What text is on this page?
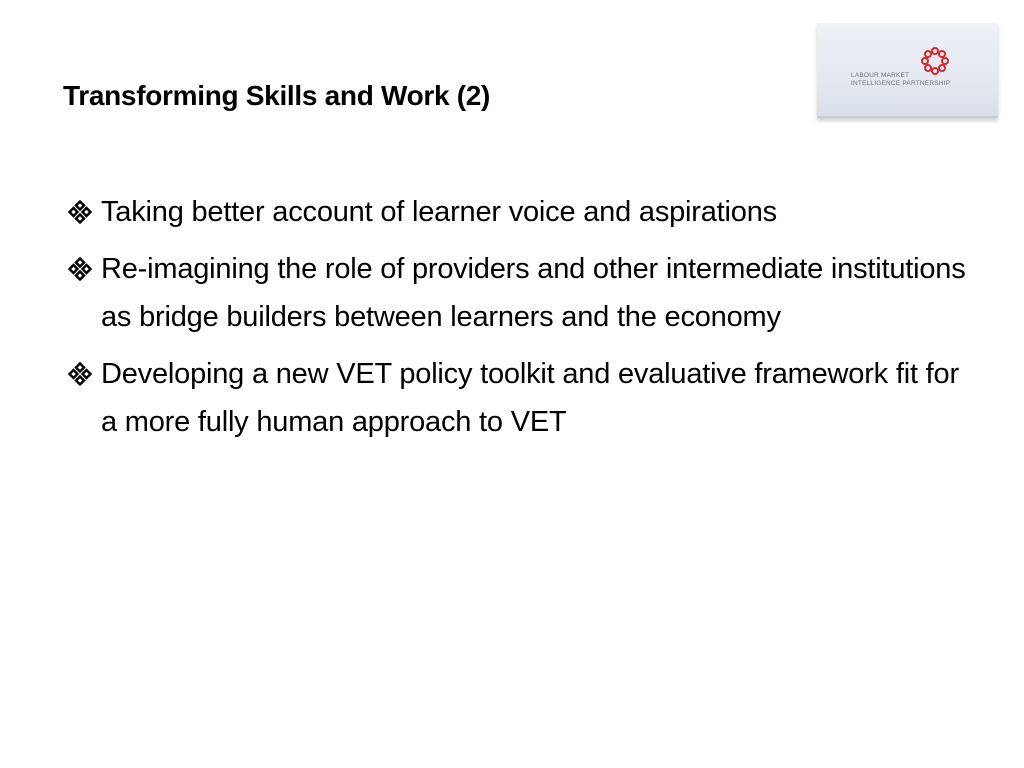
Transforming Skills and Work (2)
LABOUR MARKET
INTELLIGENCE PARTNERSHIP
Taking better account of learner voice and aspirations
Re-imagining the role of providers and other intermediate institutions as bridge builders between learners and the economy
Developing a new VET policy toolkit and evaluative framework fit for a more fully human approach to VET
